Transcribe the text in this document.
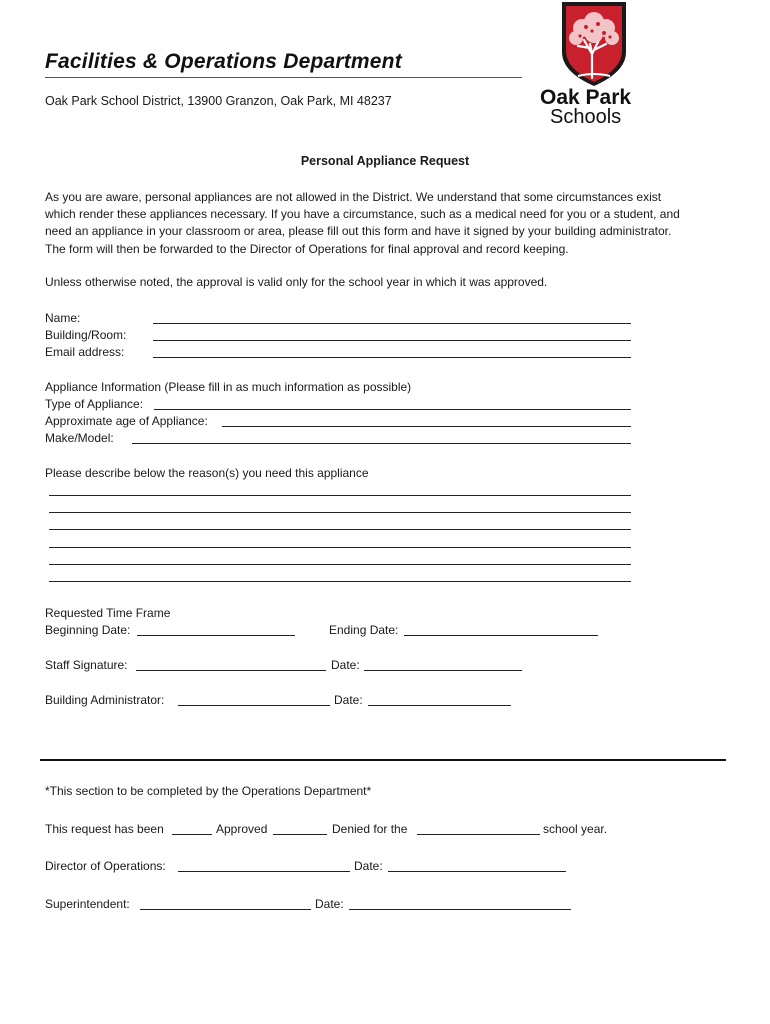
Facilities & Operations Department
Oak Park School District, 13900 Granzon, Oak Park, MI 48237	Oak Park
Schools
Personal Appliance Request
As you are aware, personal appliances are not allowed in the District. We understand that some circumstances exist
which render these appliances necessary. If you have a circumstance, such as a medical need for you or a student, and
need an appliance in your classroom or area, please fill out this form and have it signed by your building administrator.
The form will then be forwarded to the Director of Operations for final approval and record keeping.
Unless otherwise noted, the approval is valid only for the school year in which it was approved.
Name:
Building/Room:
Email address:
Appliance Information (Please fill in as much information as possible)
Type of Appliance:
Approximate age of Appliance:
Make/Model:
Please describe below the reason(s) you need this appliance
Requested Time Frame
Beginning Date:	Ending Date:
Staff Signature:	Date:
Building Administrator:	Date:
*This section to be completed by the Operations Department*
This request has been	Approved	Denied for the	school year.
Director of Operations:	Date:
Superintendent:	Date:
